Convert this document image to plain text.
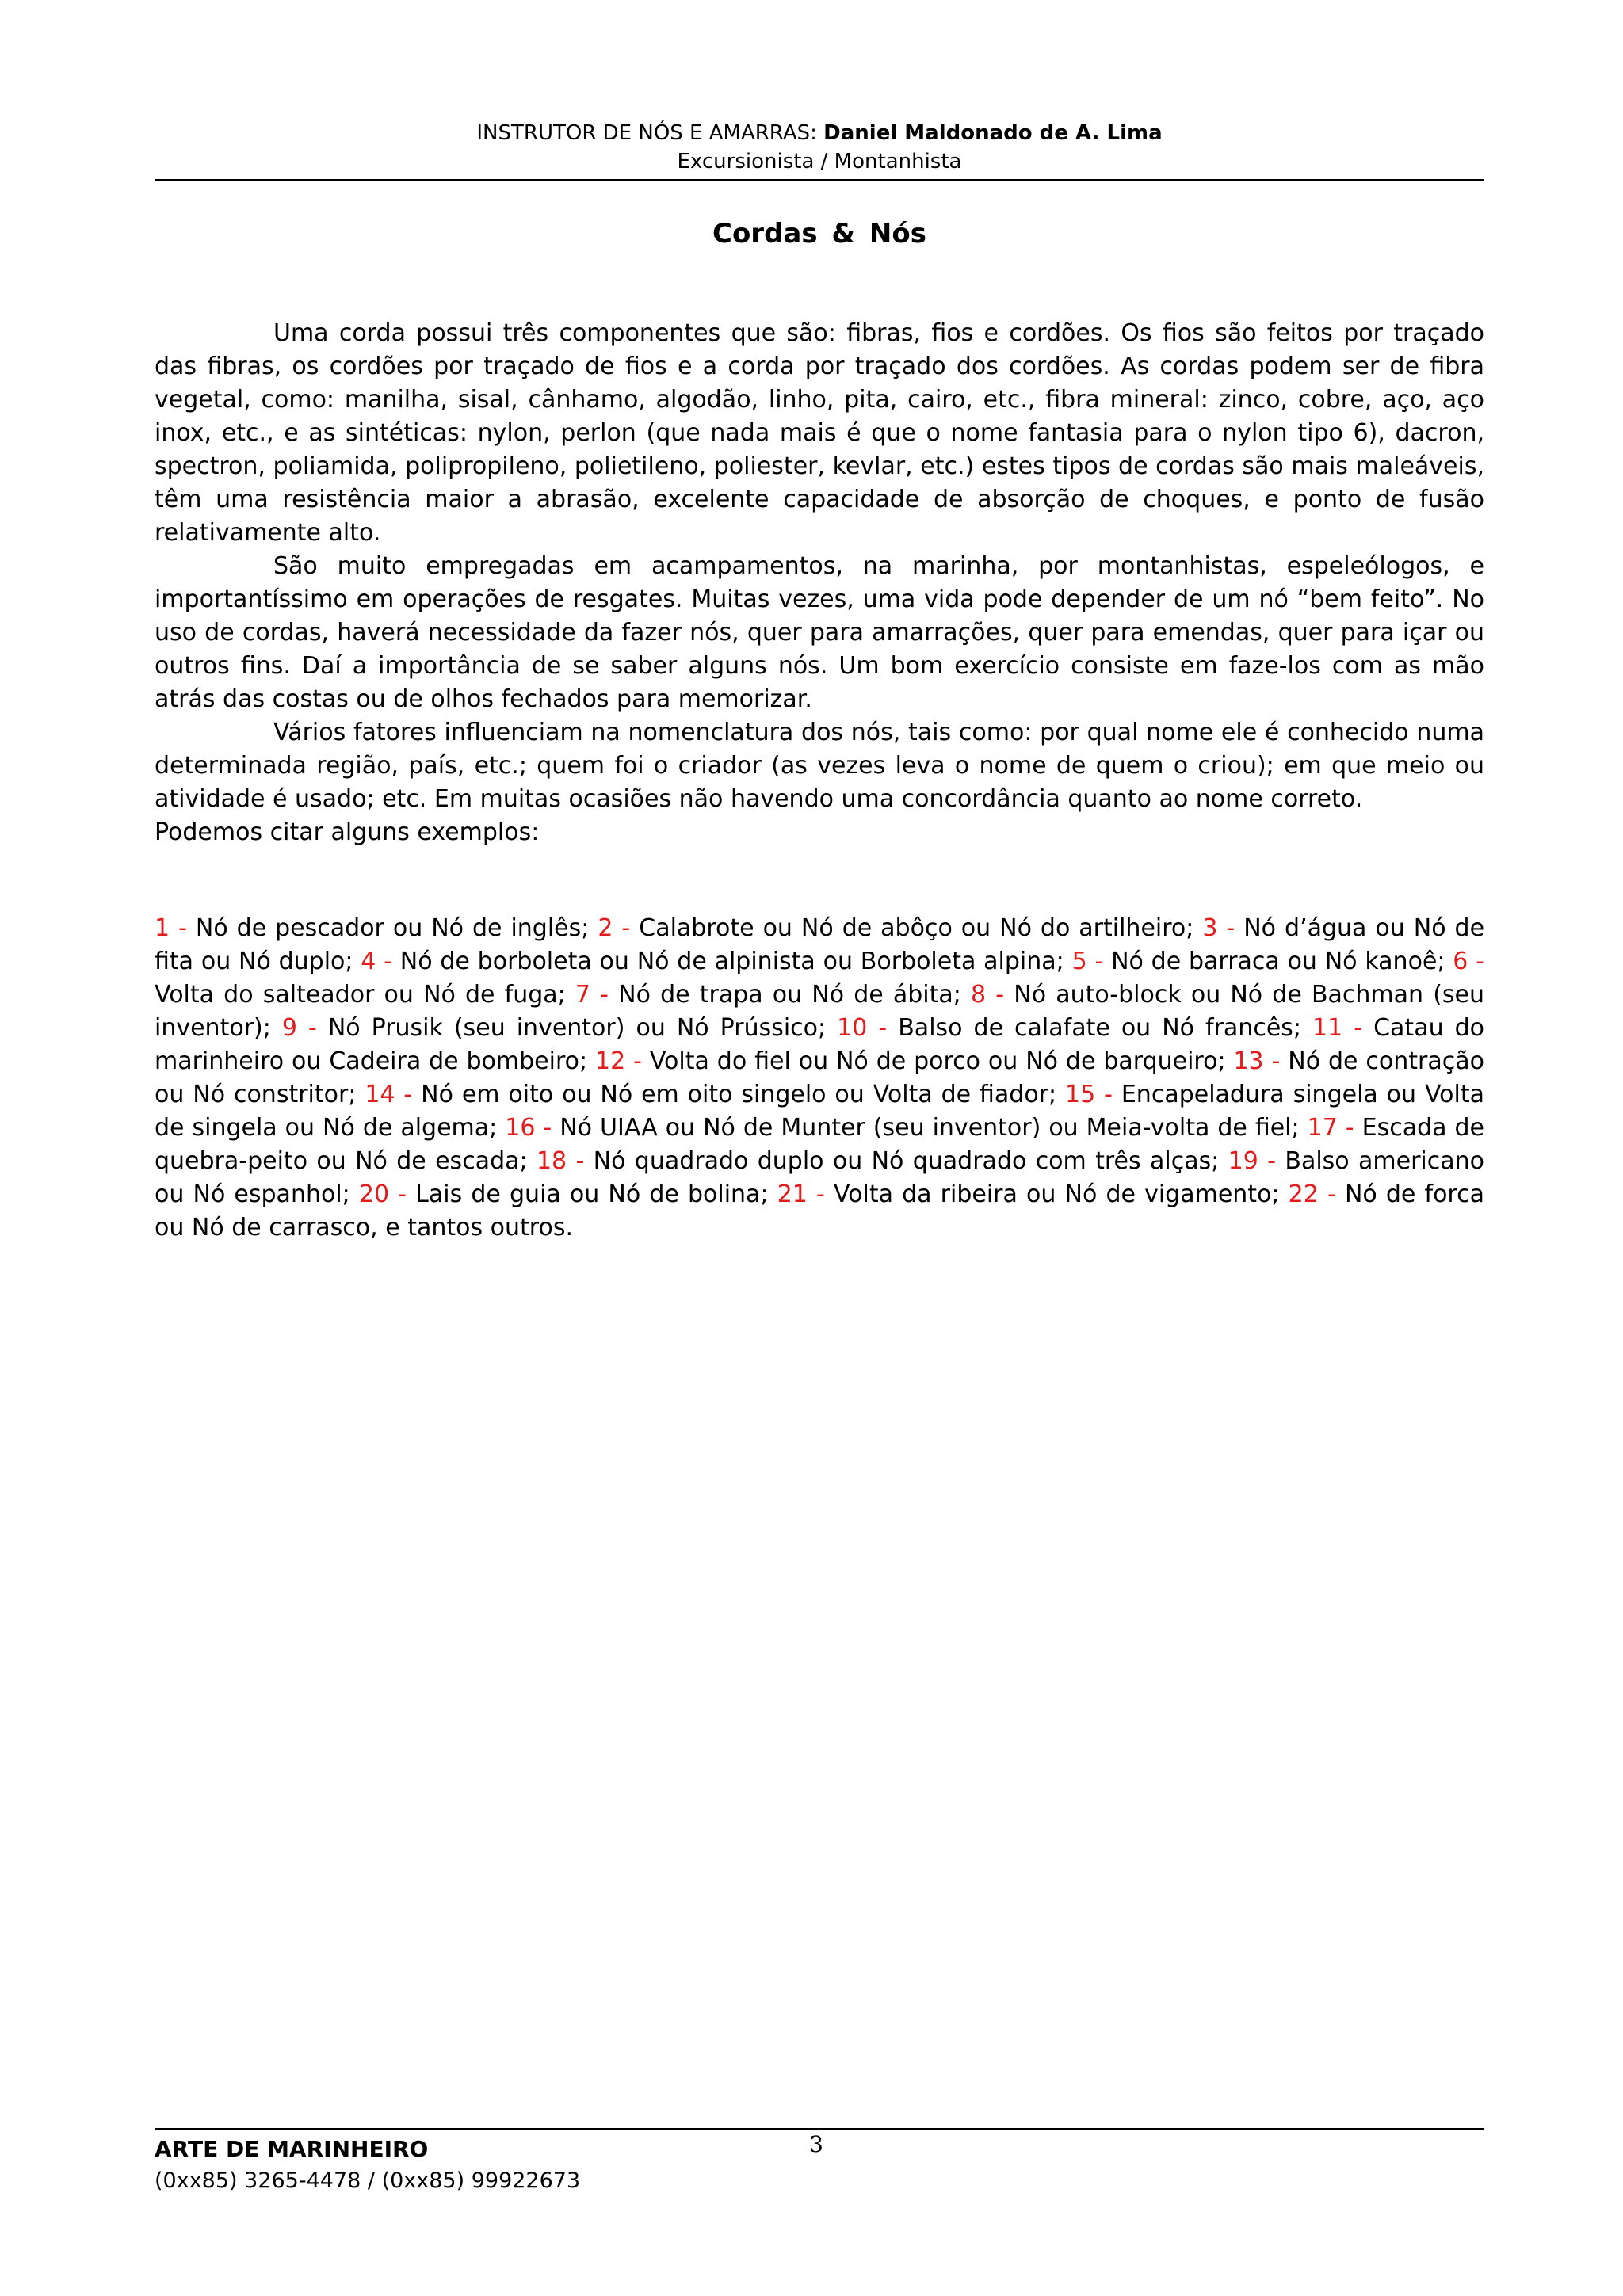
INSTRUTOR DE NÓS E AMARRAS: Daniel Maldonado de A. Lima
Excursionista / Montanhista
Cordas & Nós

Uma corda possui três componentes que são: fibras, fios e cordões. Os fios são feitos por traçado das fibras, os cordões por traçado de fios e a corda por traçado dos cordões. As cordas podem ser de fibra vegetal, como: manilha, sisal, cânhamo, algodão, linho, pita, cairo, etc., fibra mineral: zinco, cobre, aço, aço inox, etc., e as sintéticas: nylon, perlon (que nada mais é que o nome fantasia para o nylon tipo 6), dacron, spectron, poliamida, polipropileno, polietileno, poliester, kevlar, etc.) estes tipos de cordas são mais maleáveis, têm uma resistência maior a abrasão, excelente capacidade de absorção de choques, e ponto de fusão relativamente alto.

São muito empregadas em acampamentos, na marinha, por montanhistas, espeleólogos, e importantíssimo em operações de resgates. Muitas vezes, uma vida pode depender de um nó “bem feito”. No uso de cordas, haverá necessidade da fazer nós, quer para amarrações, quer para emendas, quer para içar ou outros fins. Daí a importância de se saber alguns nós. Um bom exercício consiste em faze-los com as mão atrás das costas ou de olhos fechados para memorizar.

Vários fatores influenciam na nomenclatura dos nós, tais como: por qual nome ele é conhecido numa determinada região, país, etc.; quem foi o criador (as vezes leva o nome de quem o criou); em que meio ou atividade é usado; etc. Em muitas ocasiões não havendo uma concordância quanto ao nome correto.

Podemos citar alguns exemplos:

1 - Nó de pescador ou Nó de inglês; 2 - Calabrote ou Nó de abôço ou Nó do artilheiro; 3 - Nó d’água ou Nó de fita ou Nó duplo; 4 - Nó de borboleta ou Nó de alpinista ou Borboleta alpina; 5 - Nó de barraca ou Nó kanoê; 6 - Volta do salteador ou Nó de fuga; 7 - Nó de trapa ou Nó de ábita; 8 - Nó auto-block ou Nó de Bachman (seu inventor); 9 - Nó Prusik (seu inventor) ou Nó Prússico; 10 - Balso de calafate ou Nó francês; 11 - Catau do marinheiro ou Cadeira de bombeiro; 12 - Volta do fiel ou Nó de porco ou Nó de barqueiro; 13 - Nó de contração ou Nó constritor; 14 - Nó em oito ou Nó em oito singelo ou Volta de fiador; 15 - Encapeladura singela ou Volta de singela ou Nó de algema; 16 - Nó UIAA ou Nó de Munter (seu inventor) ou Meia-volta de fiel; 17 - Escada de quebra-peito ou Nó de escada; 18 - Nó quadrado duplo ou Nó quadrado com três alças; 19 - Balso americano ou Nó espanhol; 20 - Lais de guia ou Nó de bolina; 21 - Volta da ribeira ou Nó de vigamento; 22 - Nó de forca ou Nó de carrasco, e tantos outros.
ARTE DE MARINHEIRO
(0xx85) 3265-4478 / (0xx85) 99922673
3
